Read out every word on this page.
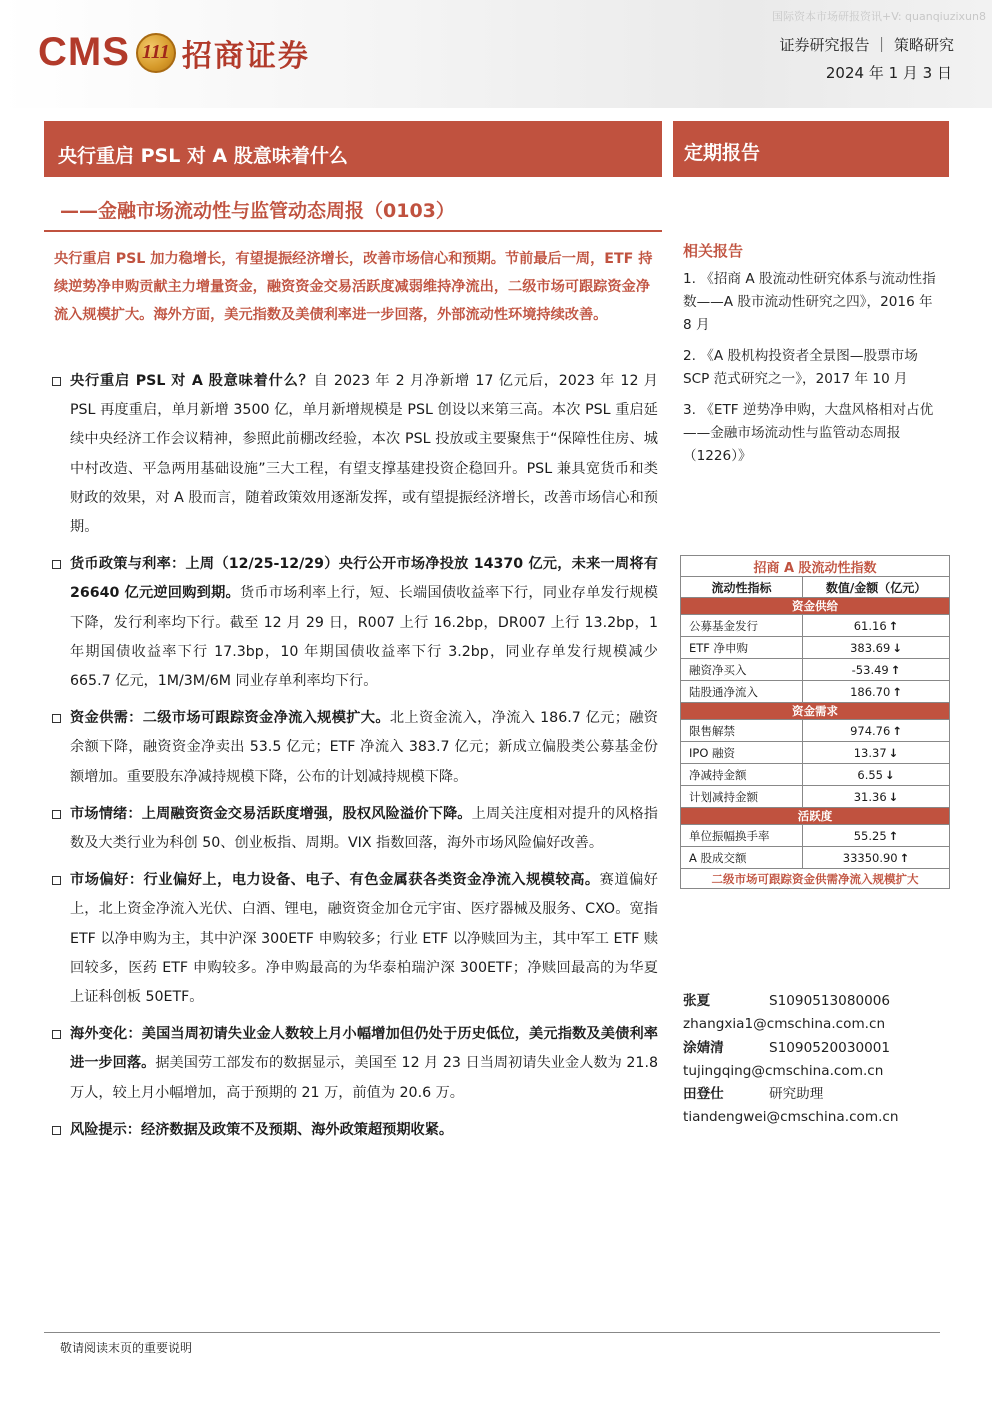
国际资本市场研报资讯+V: quanqiuzixun8
CMS 111 招商证券	证券研究报告 ｜ 策略研究
2024 年 1 月 3 日
央行重启 PSL 对 A 股意味着什么	定期报告
——金融市场流动性与监管动态周报（0103）
央行重启 PSL 加力稳增长，有望提振经济增长，改善市场信心和预期。节前最后一周，ETF 持续逆势净申购贡献主力增量资金，融资资金交易活跃度减弱维持净流出，二级市场可跟踪资金净流入规模扩大。海外方面，美元指数及美债利率进一步回落，外部流动性环境持续改善。
央行重启 PSL 对 A 股意味着什么？自 2023 年 2 月净新增 17 亿元后，2023 年 12 月 PSL 再度重启，单月新增 3500 亿，单月新增规模是 PSL 创设以来第三高。本次 PSL 重启延续中央经济工作会议精神，参照此前棚改经验，本次 PSL 投放或主要聚焦于“保障性住房、城中村改造、平急两用基础设施”三大工程，有望支撑基建投资企稳回升。PSL 兼具宽货币和类财政的效果，对 A 股而言，随着政策效用逐渐发挥，或有望提振经济增长，改善市场信心和预期。
货币政策与利率：上周（12/25-12/29）央行公开市场净投放 14370 亿元，未来一周将有 26640 亿元逆回购到期。货币市场利率上行，短、长端国债收益率下行，同业存单发行规模下降，发行利率均下行。截至 12 月 29 日，R007 上行 16.2bp，DR007 上行 13.2bp，1 年期国债收益率下行 17.3bp，10 年期国债收益率下行 3.2bp，同业存单发行规模减少 665.7 亿元，1M/3M/6M 同业存单利率均下行。
资金供需：二级市场可跟踪资金净流入规模扩大。北上资金流入，净流入 186.7 亿元；融资余额下降，融资资金净卖出 53.5 亿元；ETF 净流入 383.7 亿元；新成立偏股类公募基金份额增加。重要股东净减持规模下降，公布的计划减持规模下降。
市场情绪：上周融资资金交易活跃度增强，股权风险溢价下降。上周关注度相对提升的风格指数及大类行业为科创 50、创业板指、周期。VIX 指数回落，海外市场风险偏好改善。
市场偏好：行业偏好上，电力设备、电子、有色金属获各类资金净流入规模较高。赛道偏好上，北上资金净流入光伏、白酒、锂电，融资资金加仓元宇宙、医疗器械及服务、CXO。宽指 ETF 以净申购为主，其中沪深 300ETF 申购较多；行业 ETF 以净赎回为主，其中军工 ETF 赎回较多，医药 ETF 申购较多。净申购最高的为华泰柏瑞沪深 300ETF；净赎回最高的为华夏上证科创板 50ETF。
海外变化：美国当周初请失业金人数较上月小幅增加但仍处于历史低位，美元指数及美债利率进一步回落。据美国劳工部发布的数据显示，美国至 12 月 23 日当周初请失业金人数为 21.8 万人，较上月小幅增加，高于预期的 21 万，前值为 20.6 万。
风险提示：经济数据及政策不及预期、海外政策超预期收紧。
相关报告
1. 《招商 A 股流动性研究体系与流动性指数——A 股市流动性研究之四》，2016 年 8 月
2. 《A 股机构投资者全景图—股票市场 SCP 范式研究之一》，2017 年 10 月
3. 《ETF 逆势净申购，大盘风格相对占优——金融市场流动性与监管动态周报（1226）》
招商 A 股流动性指数	
流动性指标	数值/金额（亿元）
资金供给	
公募基金发行	61.16 ↑
ETF 净申购	383.69 ↓
融资净买入	-53.49 ↑
陆股通净流入	186.70 ↑
资金需求	
限售解禁	974.76 ↑
IPO 融资	13.37 ↓
净减持金额	6.55 ↓
计划减持金额	31.36 ↓
活跃度	
单位振幅换手率	55.25 ↑
A 股成交额	33350.90 ↑
二级市场可跟踪资金供需净流入规模扩大	
张夏	S1090513080006
zhangxia1@cmschina.com.cn
涂婧清	S1090520030001
tujingqing@cmschina.com.cn
田登仕	研究助理
tiandengwei@cmschina.com.cn
敬请阅读末页的重要说明
